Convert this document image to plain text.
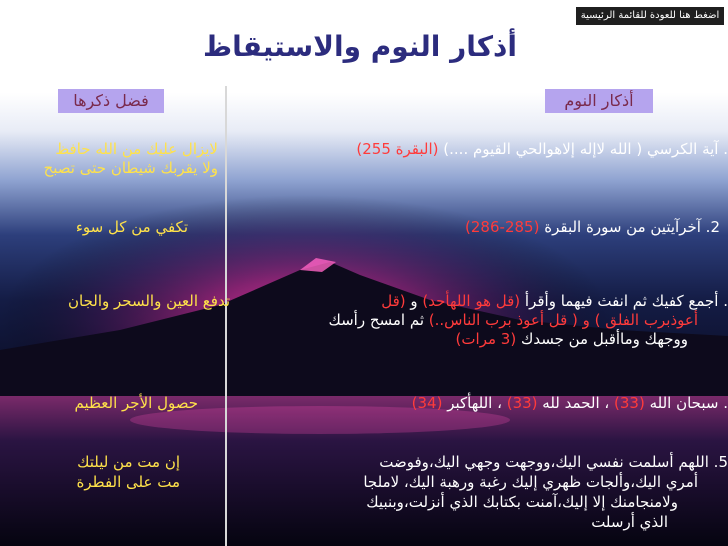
اضغط هنا للعودة للقائمة الرئيسية
أذكار النوم والاستيقاظ
أذكار النوم
فضل ذكرها
. آية الكرسي ( الله لاإله إلاهوالحي القيوم ....) (البقرة 255)
لايزال عليك من الله حافظ
ولا يقربك شيطان حتى تصبح
2. آخرآيتين من سورة البقرة (285-286)
تكفي من كل سوء
. أجمع كفيك ثم انفث فيهما وأقرأ (قل هو اللهأحد) و (قل
أعوذبرب الفلق ) و ( قل أعوذ برب الناس..) ثم امسح رأسك
ووجهك وماأقبل من جسدك (3 مرات)
تدفع العين والسحر والجان
. سبحان الله (33) ، الحمد لله (33) ، اللهأكبر (34)
حصول الأجر العظيم
5. اللهم أسلمت نفسي اليك،ووجهت وجهي اليك،وفوضت
أمري اليك،وألجات ظهري إليك رغبة ورهبة اليك، لاملجا
ولامنجامنك إلا إليك،آمنت بكتابك الذي أنزلت،وبنبيك
الذي أرسلت
إن مت من ليلتك
مت على الفطرة
